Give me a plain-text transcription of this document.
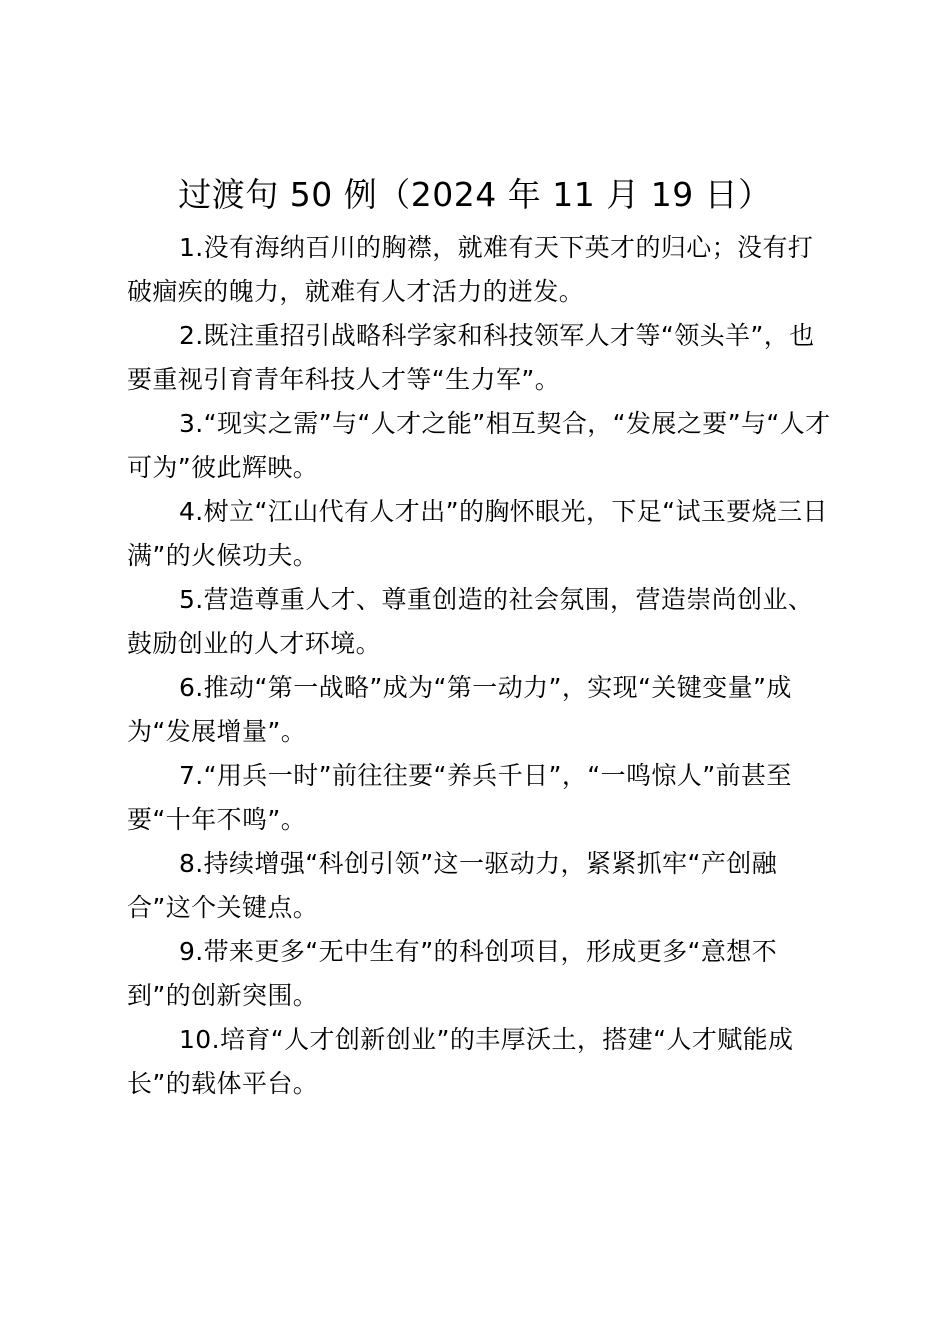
过渡句 50 例（2024 年 11 月 19 日）

1.没有海纳百川的胸襟，就难有天下英才的归心；没有打破痼疾的魄力，就难有人才活力的迸发。

2.既注重招引战略科学家和科技领军人才等“领头羊”，也要重视引育青年科技人才等“生力军”。

3.“现实之需”与“人才之能”相互契合，“发展之要”与“人才可为”彼此辉映。

4.树立“江山代有人才出”的胸怀眼光，下足“试玉要烧三日满”的火候功夫。

5.营造尊重人才、尊重创造的社会氛围，营造崇尚创业、鼓励创业的人才环境。

6.推动“第一战略”成为“第一动力”，实现“关键变量”成为“发展增量”。

7.“用兵一时”前往往要“养兵千日”，“一鸣惊人”前甚至要“十年不鸣”。

8.持续增强“科创引领”这一驱动力，紧紧抓牢“产创融合”这个关键点。

9.带来更多“无中生有”的科创项目，形成更多“意想不到”的创新突围。

10.培育“人才创新创业”的丰厚沃土，搭建“人才赋能成长”的载体平台。
